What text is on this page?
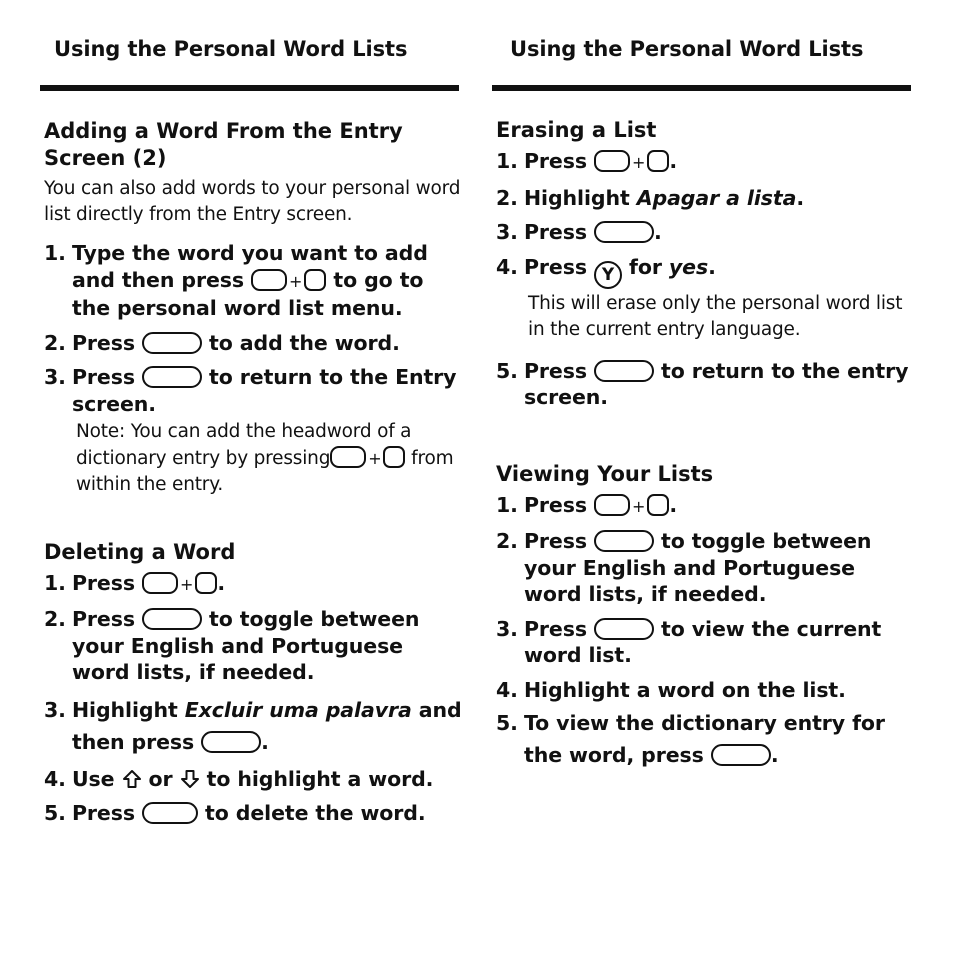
Using the Personal Word Lists
Adding a Word From the Entry Screen (2)
You can also add words to your personal word list directly from the Entry screen.
1. Type the word you want to add and then press	+ to go to the personal word list menu.
2. Press	to add the word.
3. Press	to return to the Entry screen.
Note: You can add the headword of a dictionary entry by pressing + from within the entry.
Deleting a Word
1. Press	+ .
2. Press	to toggle between your English and Portuguese word lists, if needed.
3. Highlight Excluir uma palavra and then press	.
4. Use or to highlight a word.
5. Press	to delete the word.
Using the Personal Word Lists
Erasing a List
1. Press	+ .
2. Highlight Apagar a lista.
3. Press	.
4. Press Y for yes.
This will erase only the personal word list in the current entry language.
5. Press	to return to the entry screen.
Viewing Your Lists
1. Press	+ .
2. Press	to toggle between your English and Portuguese word lists, if needed.
3. Press	to view the current word list.
4. Highlight a word on the list.
5. To view the dictionary entry for the word, press	.
